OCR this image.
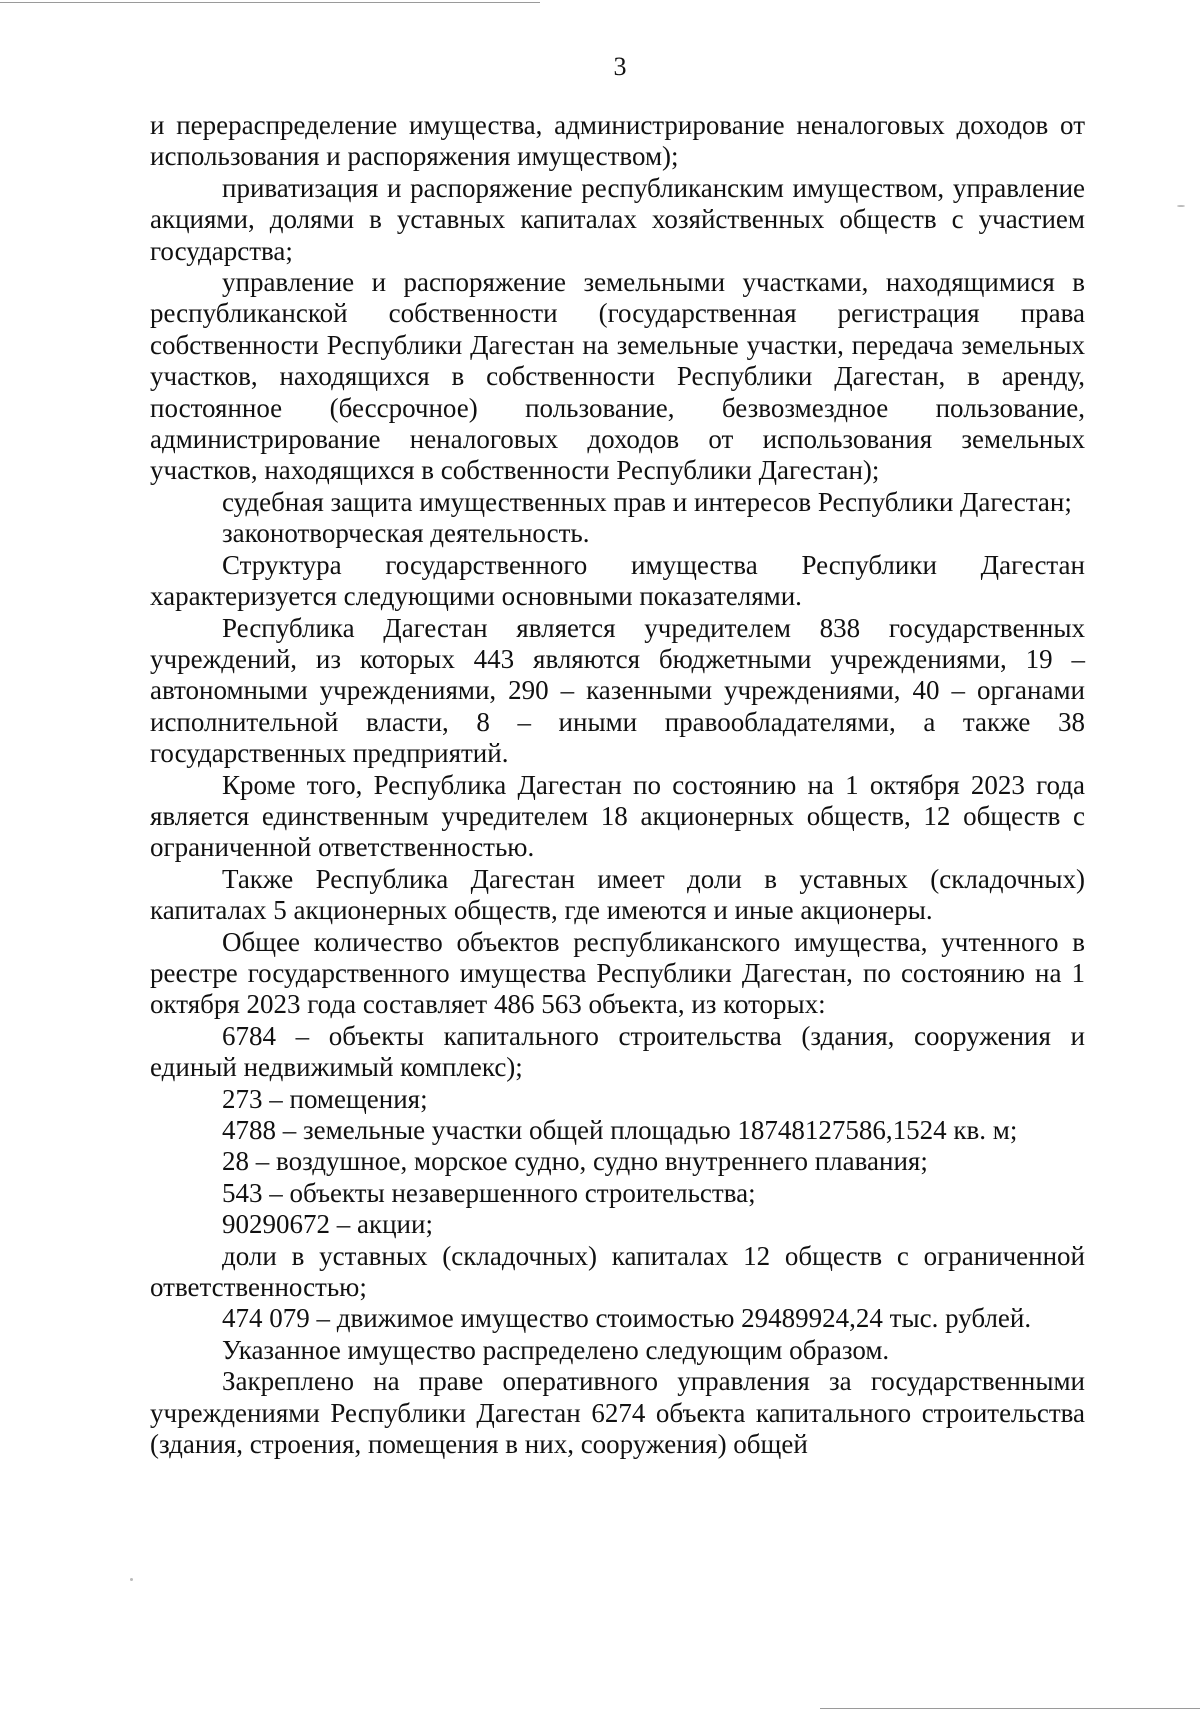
3

и перераспределение имущества, администрирование неналоговых доходов от использования и распоряжения имуществом);

приватизация и распоряжение республиканским имуществом, управление акциями, долями в уставных капиталах хозяйственных обществ с участием государства;

управление и распоряжение земельными участками, находящимися в республиканской собственности (государственная регистрация права собственности Республики Дагестан на земельные участки, передача земельных участков, находящихся в собственности Республики Дагестан, в аренду, постоянное (бессрочное) пользование, безвозмездное пользование, администрирование неналоговых доходов от использования земельных участков, находящихся в собственности Республики Дагестан);

судебная защита имущественных прав и интересов Республики Дагестан;

законотворческая деятельность.

Структура государственного имущества Республики Дагестан характеризуется следующими основными показателями.

Республика Дагестан является учредителем 838 государственных учреждений, из которых 443 являются бюджетными учреждениями, 19 – автономными учреждениями, 290 – казенными учреждениями, 40 – органами исполнительной власти, 8 – иными правообладателями, а также 38 государственных предприятий.

Кроме того, Республика Дагестан по состоянию на 1 октября 2023 года является единственным учредителем 18 акционерных обществ, 12 обществ с ограниченной ответственностью.

Также Республика Дагестан имеет доли в уставных (складочных) капиталах 5 акционерных обществ, где имеются и иные акционеры.

Общее количество объектов республиканского имущества, учтенного в реестре государственного имущества Республики Дагестан, по состоянию на 1 октября 2023 года составляет 486 563 объекта, из которых:

6784 – объекты капитального строительства (здания, сооружения и единый недвижимый комплекс);

273 – помещения;

4788 – земельные участки общей площадью 18748127586,1524 кв. м;

28 – воздушное, морское судно, судно внутреннего плавания;

543 – объекты незавершенного строительства;

90290672 – акции;

доли в уставных (складочных) капиталах 12 обществ с ограниченной ответственностью;

474 079 – движимое имущество стоимостью 29489924,24 тыс. рублей.

Указанное имущество распределено следующим образом.

Закреплено на праве оперативного управления за государственными учреждениями Республики Дагестан 6274 объекта капитального строительства (здания, строения, помещения в них, сооружения) общей
